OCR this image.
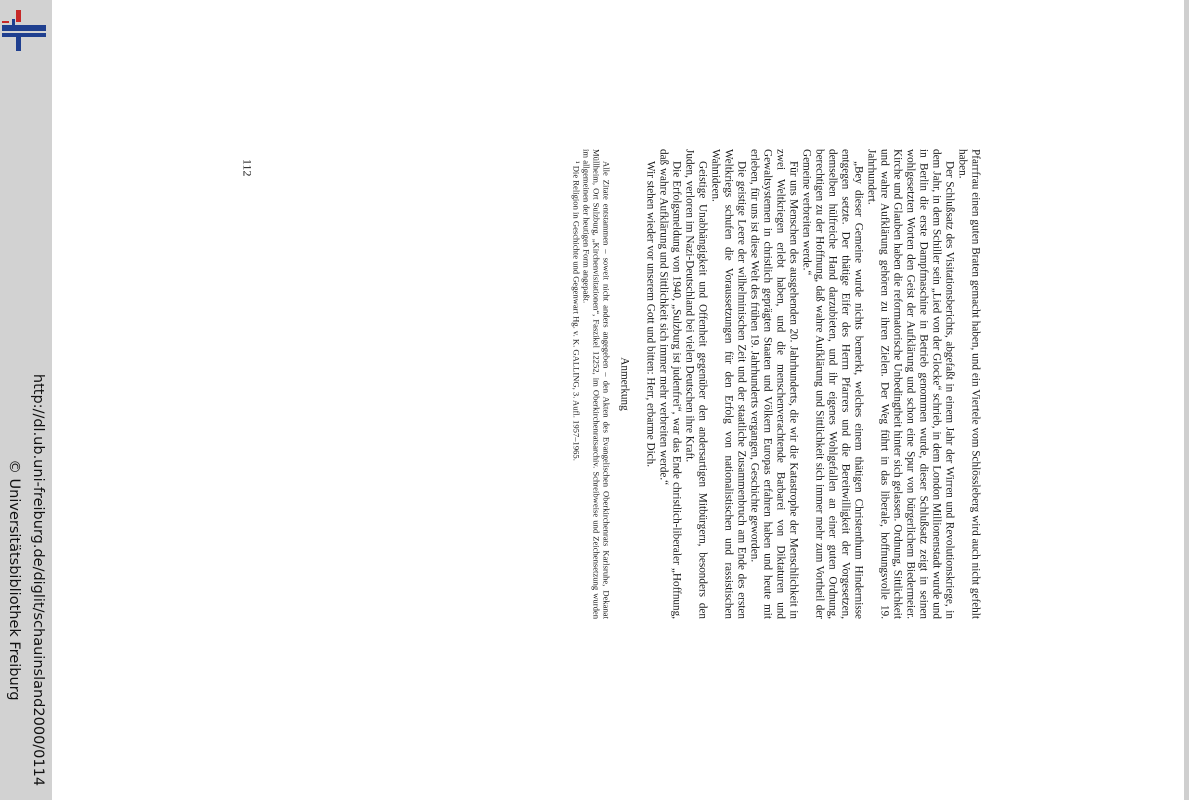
http://dl.ub.uni-freiburg.de/diglit/schauinsland2000/0114
© Universitätsbibliothek Freiburg	Pfarrfrau einen guten Braten gemacht haben, und ein Viertele vom Schlössleberg wird auch nicht gefehlt haben.

Der Schlußsatz des Visitationsberichts, abgefaßt in einem Jahr der Wirren und Revolutionskriege, in dem Jahr, in dem Schiller sein „Lied von der Glocke“ schrieb, in dem London Millionenstadt wurde und in Berlin die erste Dampfmaschine in Betrieb genommen wurde, dieser Schlußsatz zeigt in seinen wohlgesetzten Worten den Geist der Aufklärung und schon eine Spur von bürgerlichem Biedermeier. Kirche und Glauben haben die reformatorische Unbedingtheit hinter sich gelassen. Ordnung, Sittlichkeit und wahre Aufklärung gehören zu ihren Zielen. Der Weg führt in das liberale, hoffnungsvolle 19. Jahrhundert.

„Bey dieser Gemeine wurde nichts bemerkt, welches einem thätigen Christenthum Hindernisse entgegen setzte. Der thätige Eifer des Herrn Pfarrers und die Bereitwilligkeit der Vorgesetzen, demselben hülfreiche Hand darzubieten, und ihr eigenes Wohlgefallen an einer guten Ordnung, berechtigen zu der Hoffnung, daß wahre Aufklärung und Sittlichkeit sich immer mehr zum Vortheil der Gemeine verbreiten werde.“

Für uns Menschen des ausgehenden 20. Jahrhunderts, die wir die Katastrophe der Menschlichkeit in zwei Weltkriegen erlebt haben, und die menschenverachtende Barbarei von Diktaturen und Gewaltsystemen in christlich geprägten Staaten und Völkern Europas erfahren haben und heute mit erleben, für uns ist diese Welt des frühen 19. Jahrhunderts vergangen, Geschichte geworden.

Die geistige Leere der wilhelminischen Zeit und der staatliche Zusammenbruch am Ende des ersten Weltkriegs schufen die Voraussetzungen für den Erfolg von nationalistischen und rassistischen Wahnideen.

Geistige Unabhängigkeit und Offenheit gegenüber den andersartigen Mitbürgern, besonders den Juden, verloren im Nazi-Deutschland bei vielen Deutschen ihre Kraft.

Die Erfolgsmeldung von 1940, „Sulzburg ist judenfrei“, war das Ende christlich-liberaler „Hoffnung, daß wahre Aufklärung und Sittlichkeit sich immer mehr verbreiten werde.“

Wir stehen wieder vor unserem Gott und bitten: Herr, erbarme Dich.

Anmerkung

Alle Zitate entstammen – soweit nicht anders angegeben – den Akten des Evangelischen Oberkirchenrats Karlsruhe, Dekanat Müllheim, Ort Sulzburg, „Kirchenvisitationen“, Faszikel 12252, im Oberkirchenratsarchiv. Schreibweise und Zeichensetzung wurden im allgemeinen der heutigen Form angepaßt.

¹ Die Religion in Geschichte und Gegenwart Hg. v. K. GALLING, 3. Aufl. 1957–1965.

112
